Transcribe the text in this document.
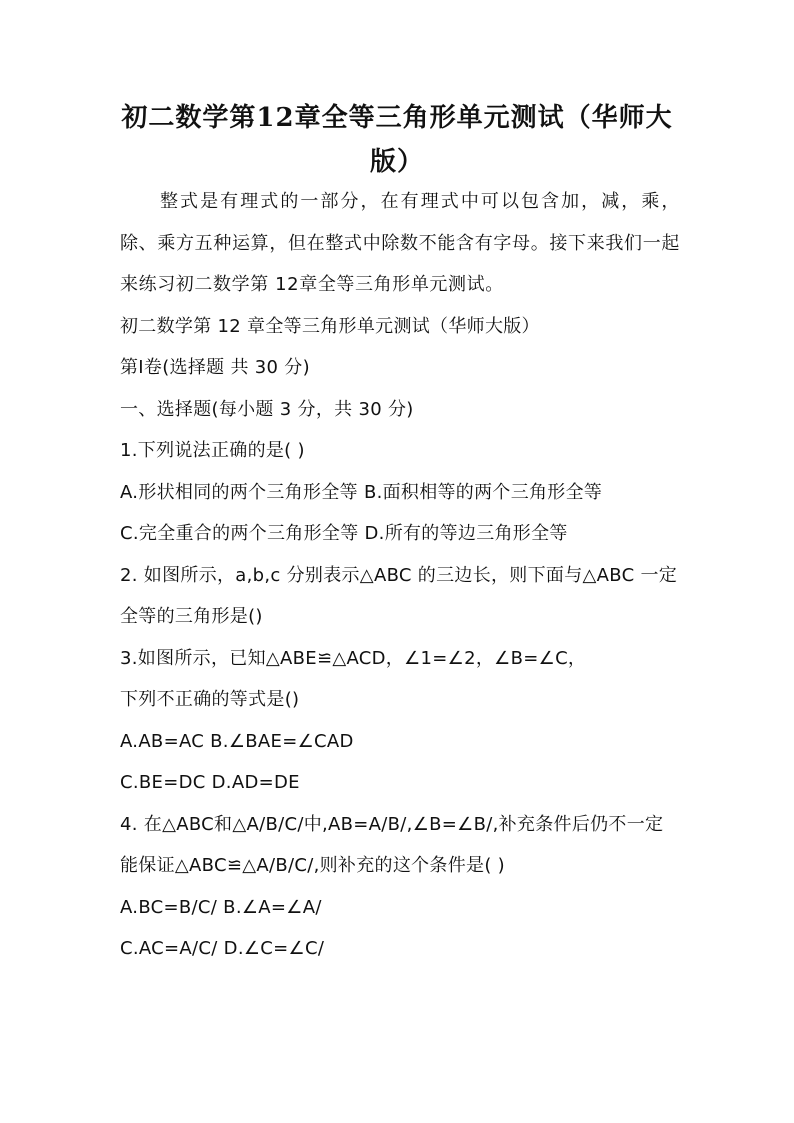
初二数学第12章全等三角形单元测试（华师大版）

整式是有理式的一部分，在有理式中可以包含加，减，乘，除、乘方五种运算，但在整式中除数不能含有字母。接下来我们一起来练习初二数学第 12章全等三角形单元测试。

初二数学第 12 章全等三角形单元测试（华师大版）

第Ⅰ卷(选择题 共 30 分)

一、选择题(每小题 3 分，共 30 分)

1.下列说法正确的是( )

A.形状相同的两个三角形全等 B.面积相等的两个三角形全等

C.完全重合的两个三角形全等 D.所有的等边三角形全等

2. 如图所示，a,b,c 分别表示△ABC 的三边长，则下面与△ABC 一定全等的三角形是()

3.如图所示，已知△ABE≌△ACD，∠1=∠2，∠B=∠C，

下列不正确的等式是()

A.AB=AC B.∠BAE=∠CAD

C.BE=DC D.AD=DE

4. 在△ABC和△A/B/C/中,AB=A/B/,∠B=∠B/,补充条件后仍不一定能保证△ABC≌△A/B/C/,则补充的这个条件是( )

A.BC=B/C/ B.∠A=∠A/

C.AC=A/C/ D.∠C=∠C/
